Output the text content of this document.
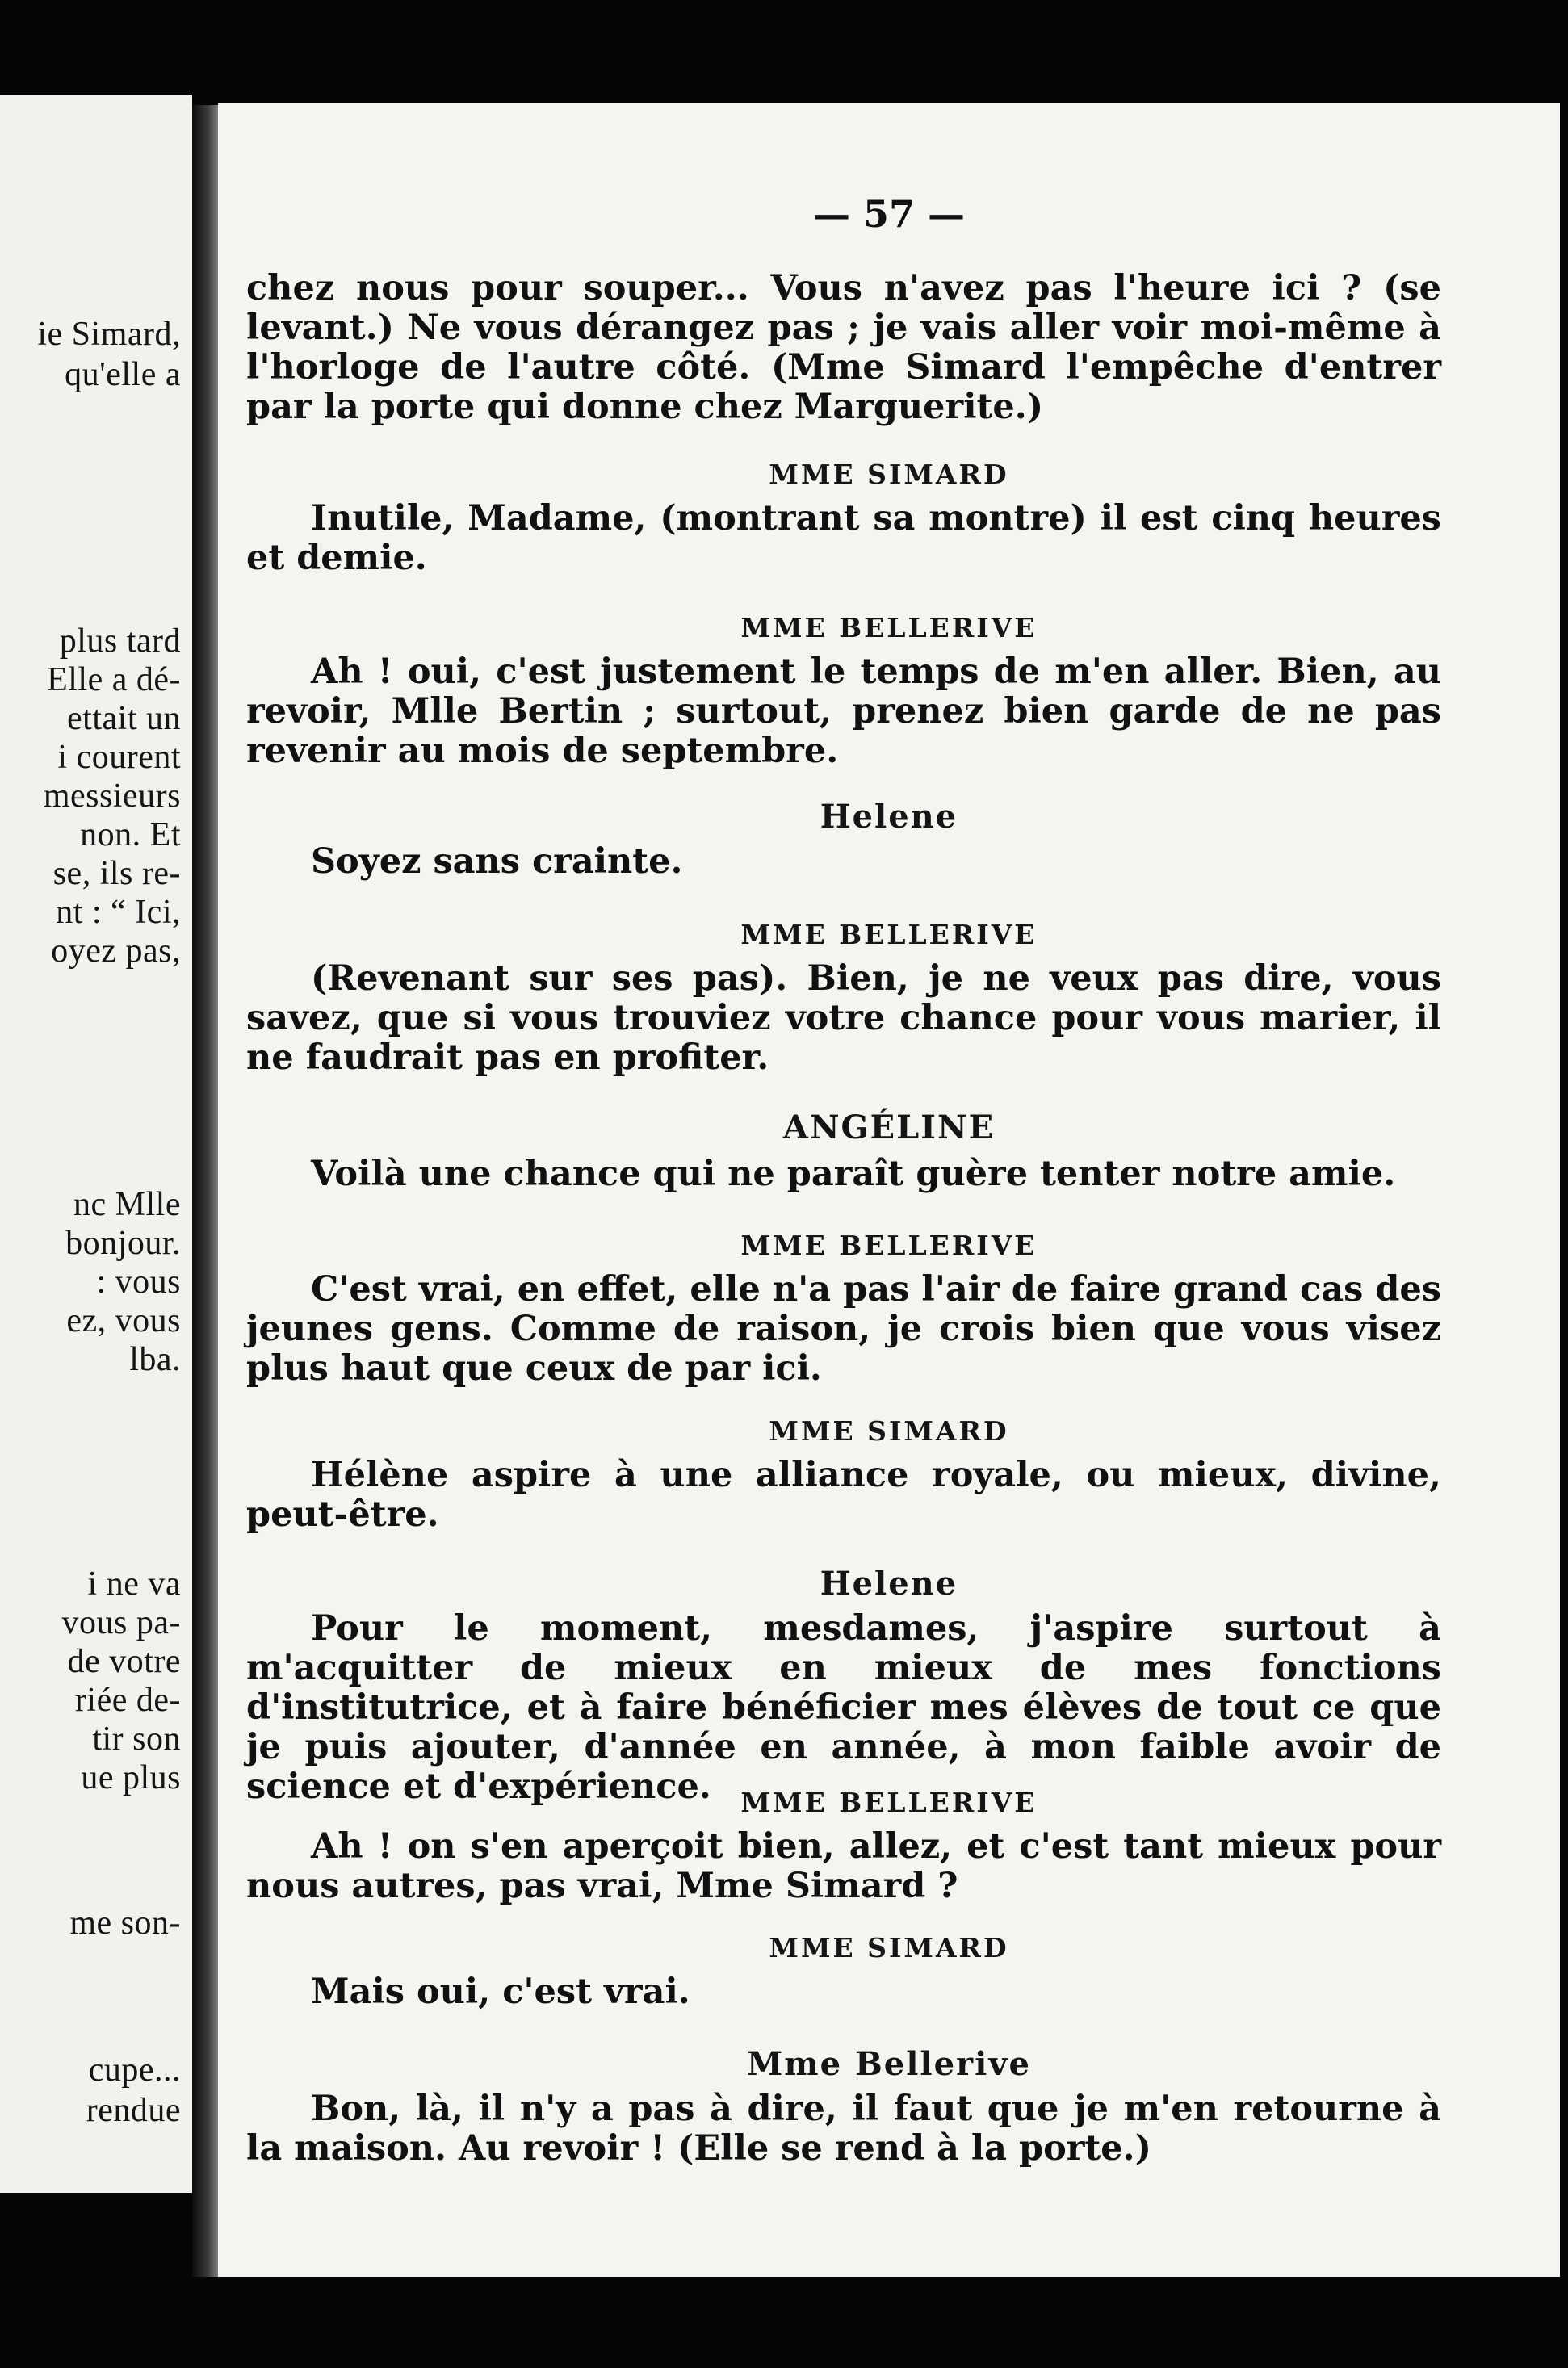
ie Simard,
qu'elle a
plus tard
Elle a dé-
ettait un
i courent
messieurs
non. Et
se, ils re-
nt : “ Ici,
oyez pas,
nc Mlle
bonjour.
: vous
ez, vous
lba.
i ne va
vous pa-
de votre
riée de-
tir son
ue plus
me son-
cupe...
rendue
— 57 —
chez nous pour souper... Vous n'avez pas l'heure ici ? (se levant.) Ne vous dérangez pas ; je vais aller voir moi-même à l'horloge de l'autre côté. (Mme Simard l'empêche d'entrer par la porte qui donne chez Marguerite.)
MME SIMARD
Inutile, Madame, (montrant sa montre) il est cinq heures et demie.
MME BELLERIVE
Ah ! oui, c'est justement le temps de m'en aller. Bien, au revoir, Mlle Bertin ; surtout, prenez bien garde de ne pas revenir au mois de septembre.
Helene
Soyez sans crainte.
MME BELLERIVE
(Revenant sur ses pas). Bien, je ne veux pas dire, vous savez, que si vous trouviez votre chance pour vous marier, il ne faudrait pas en profiter.
ANGÉLINE
Voilà une chance qui ne paraît guère tenter notre amie.
MME BELLERIVE
C'est vrai, en effet, elle n'a pas l'air de faire grand cas des jeunes gens. Comme de raison, je crois bien que vous visez plus haut que ceux de par ici.
MME SIMARD
Hélène aspire à une alliance royale, ou mieux, divine, peut-être.
Helene
Pour le moment, mesdames, j'aspire surtout à m'acquitter de mieux en mieux de mes fonctions d'institutrice, et à faire bénéficier mes élèves de tout ce que je puis ajouter, d'année en année, à mon faible avoir de science et d'expérience.	MME BELLERIVE
Ah ! on s'en aperçoit bien, allez, et c'est tant mieux pour nous autres, pas vrai, Mme Simard ?
MME SIMARD
Mais oui, c'est vrai.
Mme Bellerive
Bon, là, il n'y a pas à dire, il faut que je m'en retourne à la maison. Au revoir ! (Elle se rend à la porte.)
